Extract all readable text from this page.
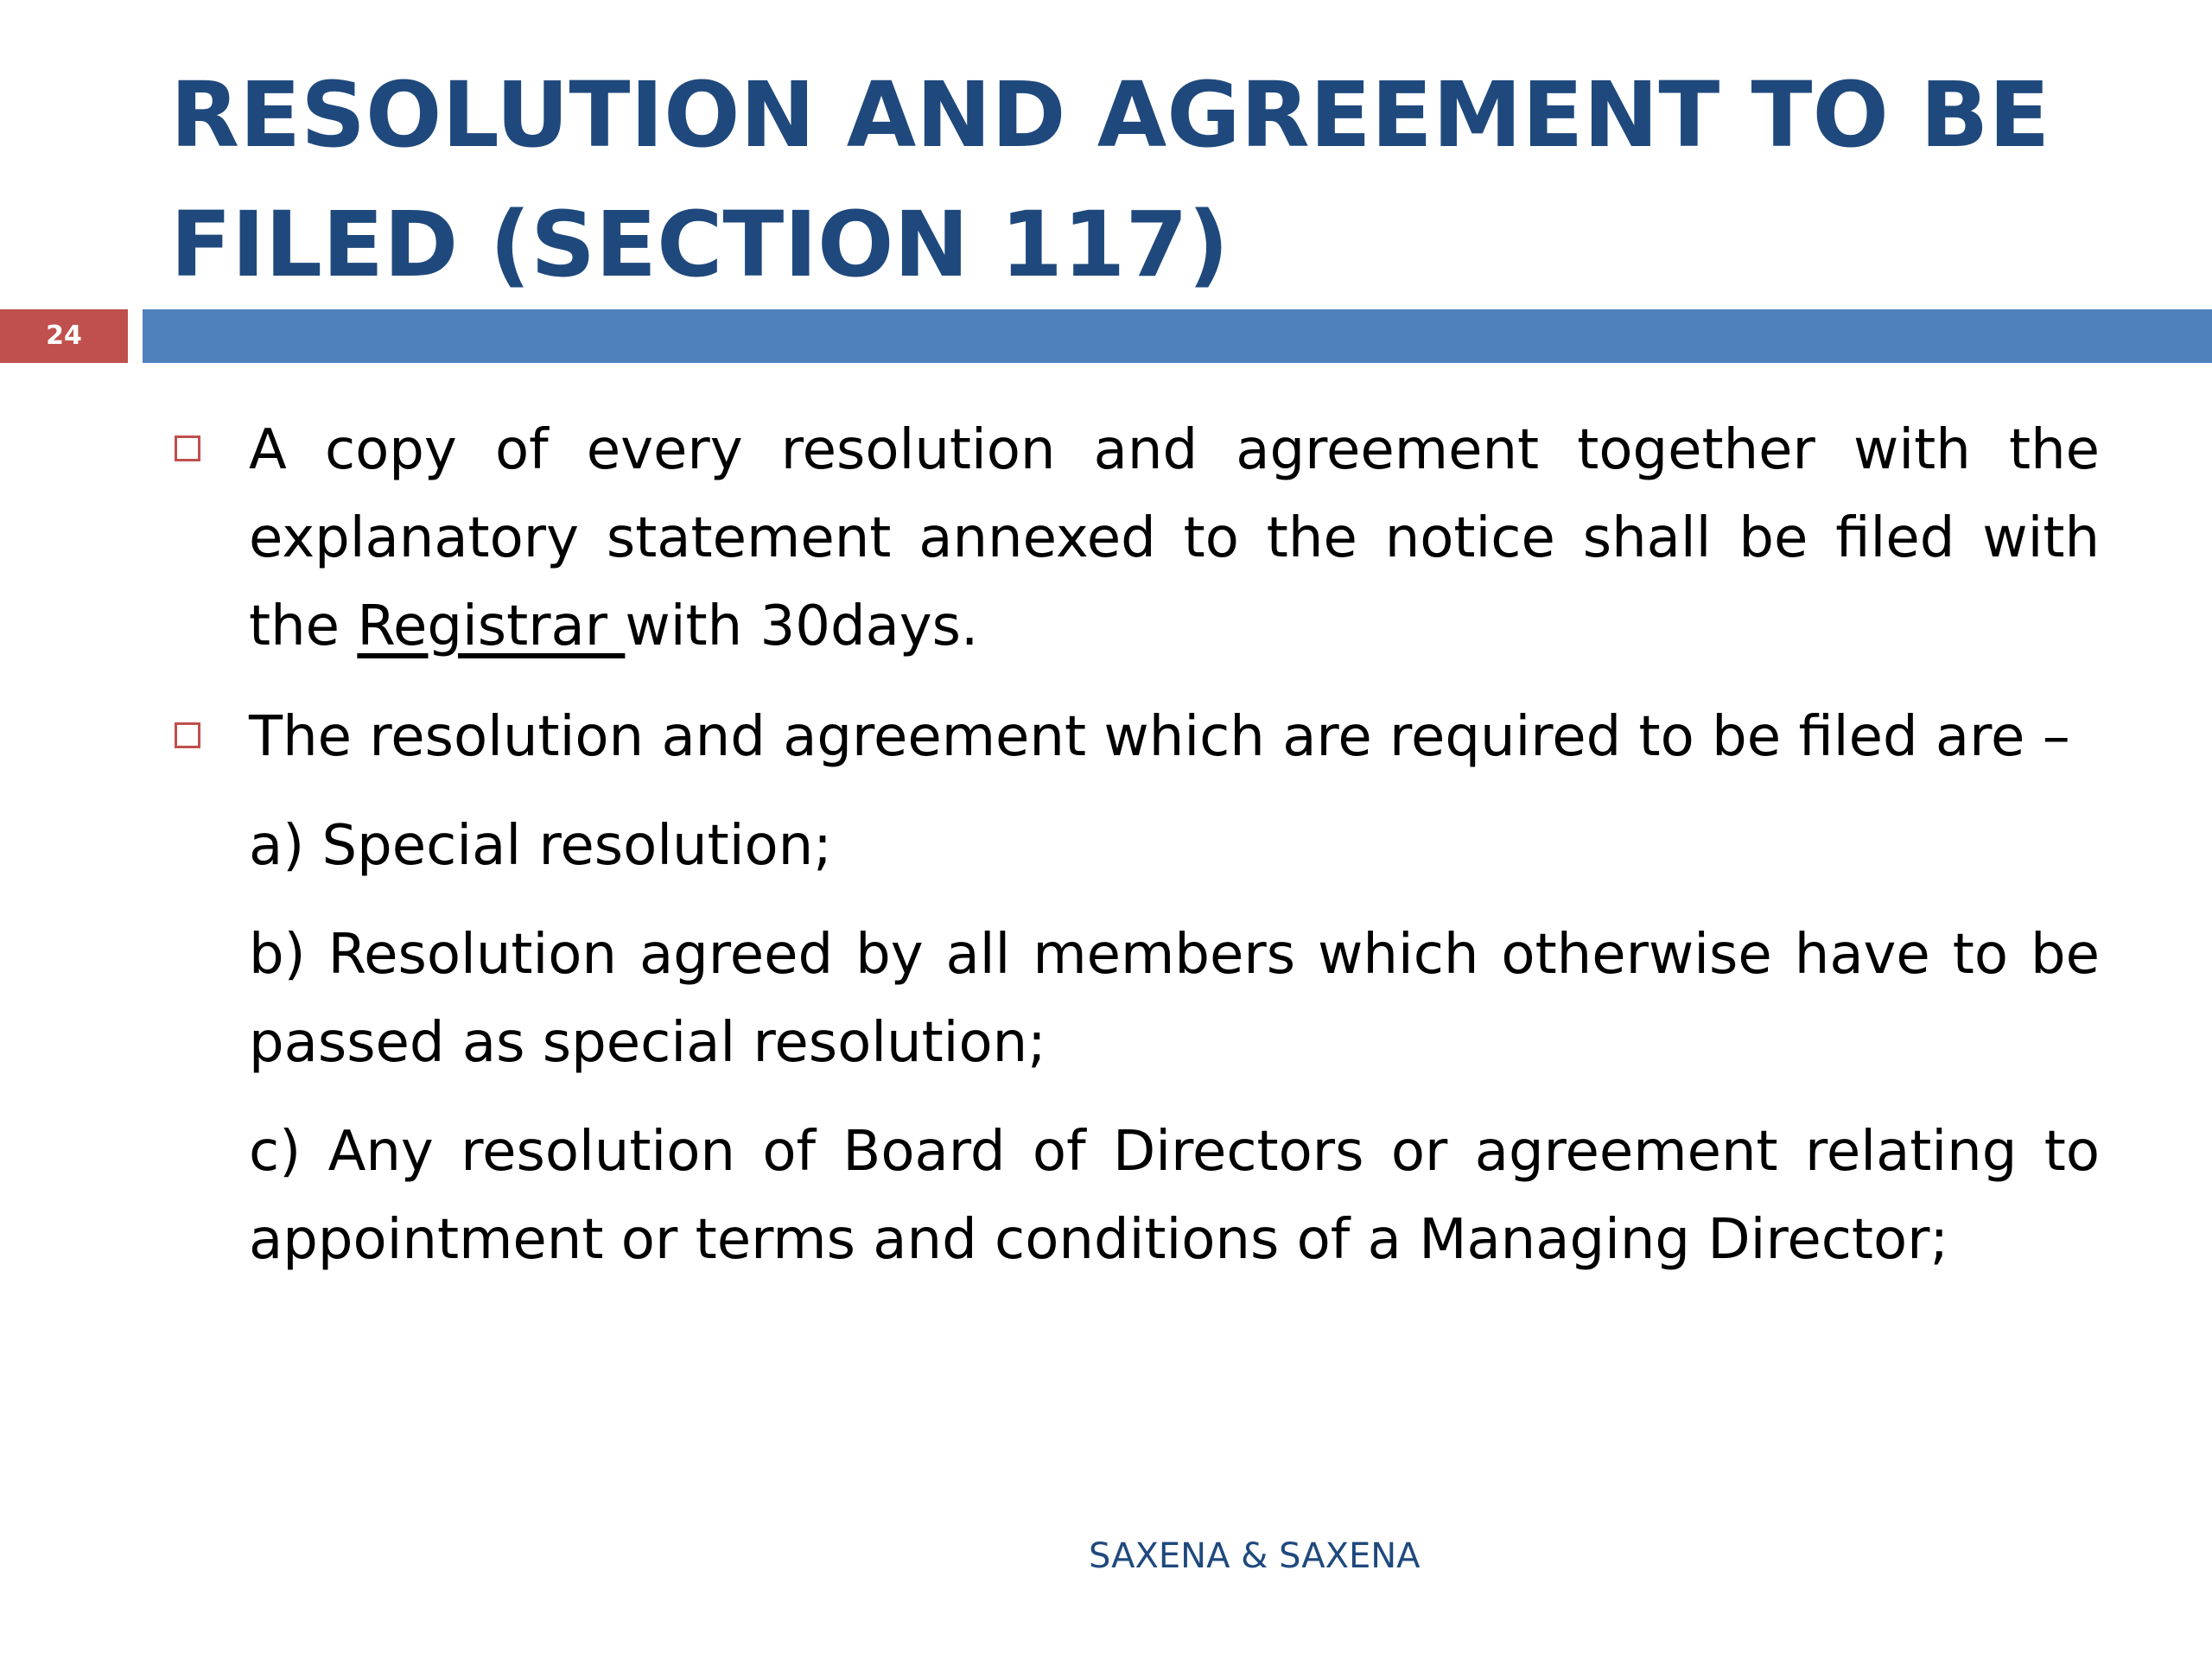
RESOLUTION AND AGREEMENT TO BE FILED (SECTION 117)
24

A copy of every resolution and agreement together with the explanatory statement annexed to the notice shall be filed with the Registrar with 30days.

The resolution and agreement which are required to be filed are –

a) Special resolution;

b) Resolution agreed by all members which otherwise have to be passed as special resolution;

c) Any resolution of Board of Directors or agreement relating to appointment or terms and conditions of a Managing Director;

SAXENA & SAXENA
